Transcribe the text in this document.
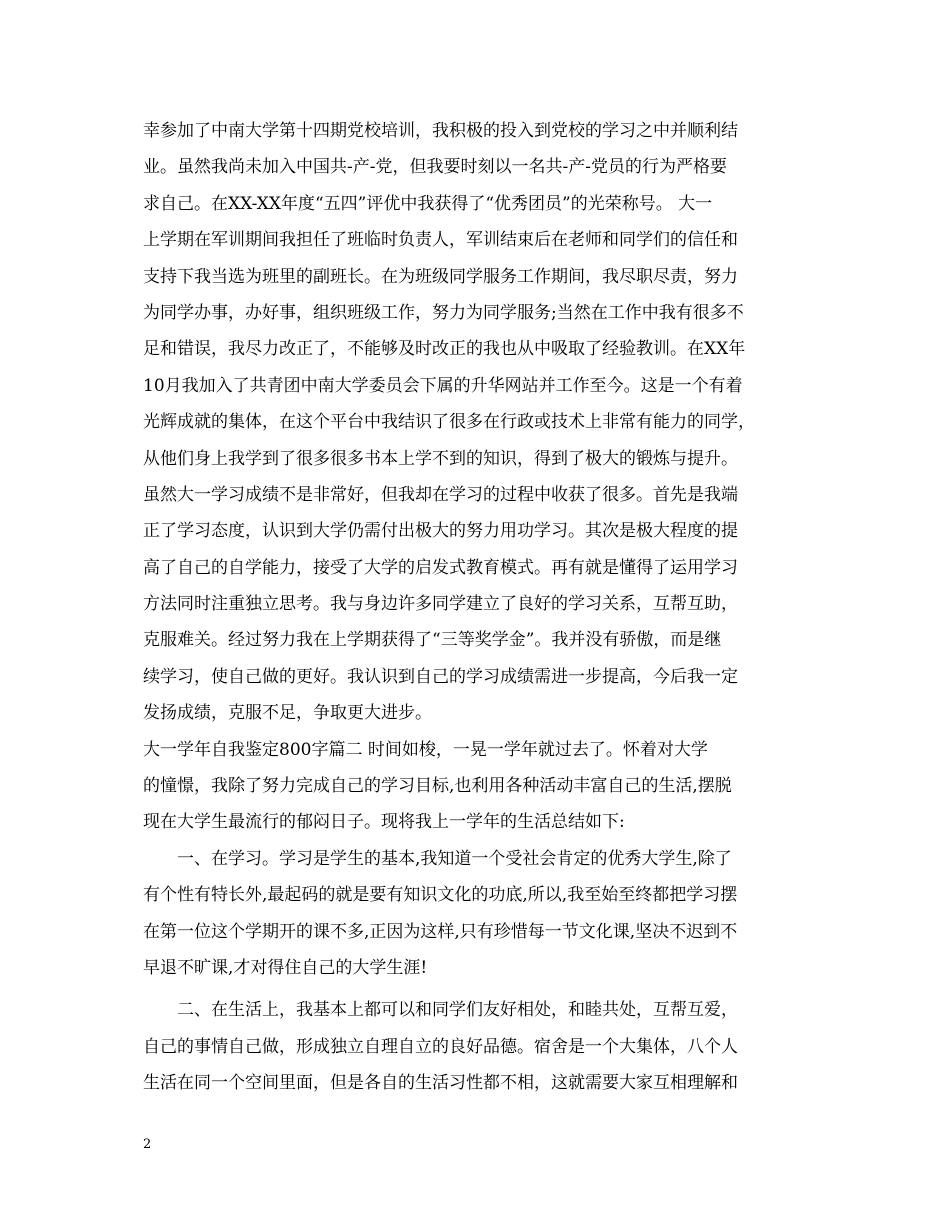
幸参加了中南大学第十四期党校培训，我积极的投入到党校的学习之中并顺利结
业。虽然我尚未加入中国共-产-党，但我要时刻以一名共-产-党员的行为严格要
求自己。在XX-XX年度“五四”评优中我获得了“优秀团员”的光荣称号。 大一
上学期在军训期间我担任了班临时负责人，军训结束后在老师和同学们的信任和
支持下我当选为班里的副班长。在为班级同学服务工作期间，我尽职尽责，努力
为同学办事，办好事，组织班级工作，努力为同学服务;当然在工作中我有很多不
足和错误，我尽力改正了，不能够及时改正的我也从中吸取了经验教训。在XX年
10月我加入了共青团中南大学委员会下属的升华网站并工作至今。这是一个有着
光辉成就的集体，在这个平台中我结识了很多在行政或技术上非常有能力的同学，
从他们身上我学到了很多很多书本上学不到的知识，得到了极大的锻炼与提升。
虽然大一学习成绩不是非常好，但我却在学习的过程中收获了很多。首先是我端
正了学习态度，认识到大学仍需付出极大的努力用功学习。其次是极大程度的提
高了自己的自学能力，接受了大学的启发式教育模式。再有就是懂得了运用学习
方法同时注重独立思考。我与身边许多同学建立了良好的学习关系，互帮互助，
克服难关。经过努力我在上学期获得了“三等奖学金”。我并没有骄傲，而是继
续学习，使自己做的更好。我认识到自己的学习成绩需进一步提高，今后我一定
发扬成绩，克服不足，争取更大进步。
大一学年自我鉴定800字篇二 时间如梭，一晃一学年就过去了。怀着对大学
的憧憬，我除了努力完成自己的学习目标,也利用各种活动丰富自己的生活,摆脱
现在大学生最流行的郁闷日子。现将我上一学年的生活总结如下:
一、在学习。学习是学生的基本,我知道一个受社会肯定的优秀大学生,除了
有个性有特长外,最起码的就是要有知识文化的功底,所以,我至始至终都把学习摆
在第一位这个学期开的课不多,正因为这样,只有珍惜每一节文化课,坚决不迟到不
早退不旷课,才对得住自己的大学生涯!
二、在生活上，我基本上都可以和同学们友好相处，和睦共处，互帮互爱，
自己的事情自己做，形成独立自理自立的良好品德。宿舍是一个大集体，八个人
生活在同一个空间里面，但是各自的生活习性都不相，这就需要大家互相理解和
2
